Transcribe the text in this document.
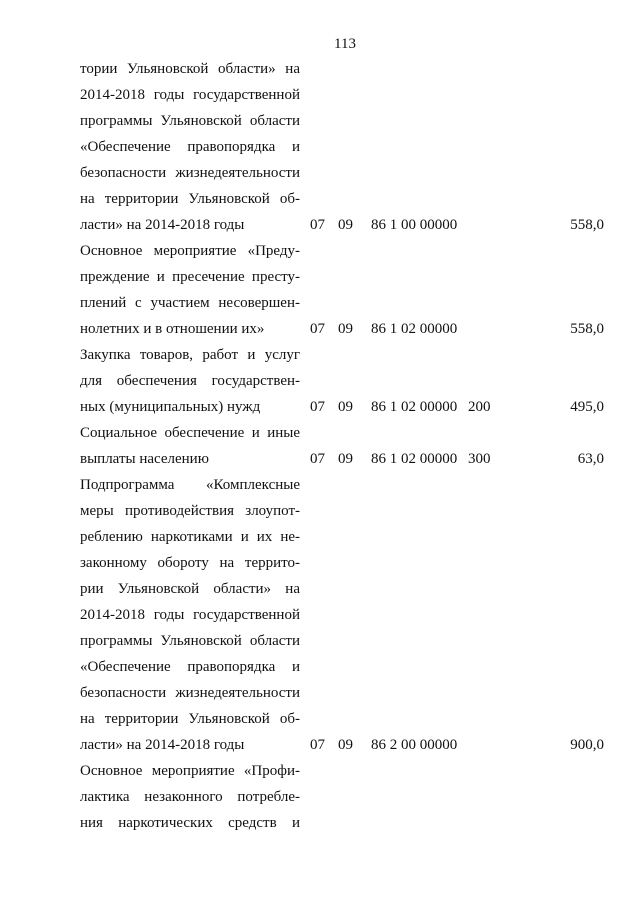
113
тории Ульяновской области» на
2014-2018 годы государственной
программы Ульяновской области
«Обеспечение правопорядка и
безопасности жизнедеятельности
на территории Ульяновской об-
ласти» на 2014-2018 годы	07 09 86 1 00 00000	558,0
Основное мероприятие «Преду-
преждение и пресечение престу-
плений с участием несовершен-
нолетних и в отношении их»	07 09 86 1 02 00000	558,0
Закупка товаров, работ и услуг
для обеспечения государствен-
ных (муниципальных) нужд	07 09 86 1 02 00000 200	495,0
Социальное обеспечение и иные
выплаты населению	07 09 86 1 02 00000 300	63,0
Подпрограмма «Комплексные
меры противодействия злоупот-
реблению наркотиками и их не-
законному обороту на террито-
рии Ульяновской области» на
2014-2018 годы государственной
программы Ульяновской области
«Обеспечение правопорядка и
безопасности жизнедеятельности
на территории Ульяновской об-
ласти» на 2014-2018 годы	07 09 86 2 00 00000	900,0
Основное мероприятие «Профи-
лактика незаконного потребле-
ния наркотических средств и
